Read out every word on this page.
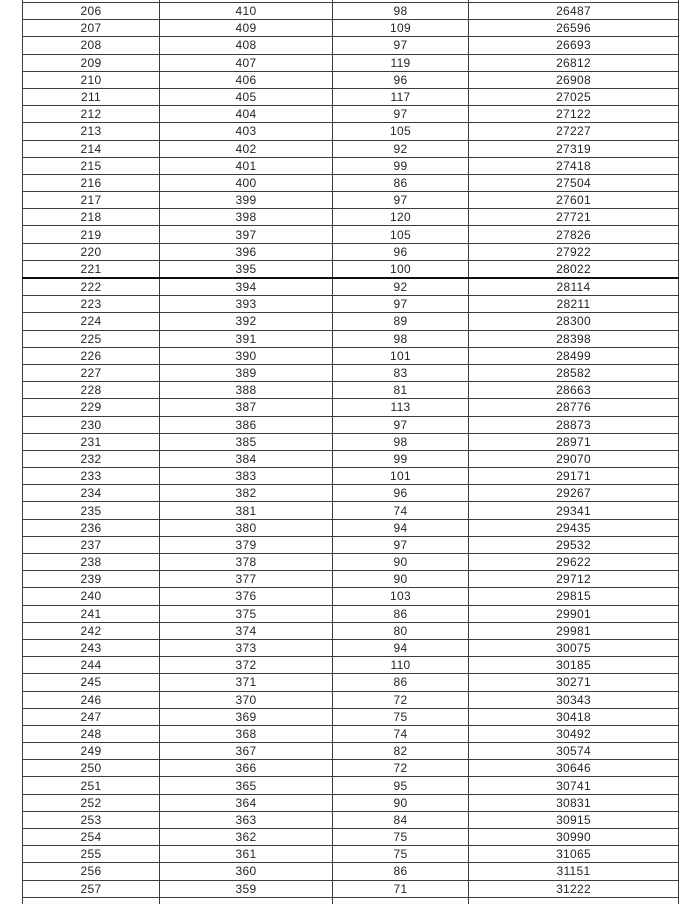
206	410	98	26487
207	409	109	26596
208	408	97	26693
209	407	119	26812
210	406	96	26908
211	405	117	27025
212	404	97	27122
213	403	105	27227
214	402	92	27319
215	401	99	27418
216	400	86	27504
217	399	97	27601
218	398	120	27721
219	397	105	27826
220	396	96	27922
221	395	100	28022
222	394	92	28114
223	393	97	28211
224	392	89	28300
225	391	98	28398
226	390	101	28499
227	389	83	28582
228	388	81	28663
229	387	113	28776
230	386	97	28873
231	385	98	28971
232	384	99	29070
233	383	101	29171
234	382	96	29267
235	381	74	29341
236	380	94	29435
237	379	97	29532
238	378	90	29622
239	377	90	29712
240	376	103	29815
241	375	86	29901
242	374	80	29981
243	373	94	30075
244	372	110	30185
245	371	86	30271
246	370	72	30343
247	369	75	30418
248	368	74	30492
249	367	82	30574
250	366	72	30646
251	365	95	30741
252	364	90	30831
253	363	84	30915
254	362	75	30990
255	361	75	31065
256	360	86	31151
257	359	71	31222
